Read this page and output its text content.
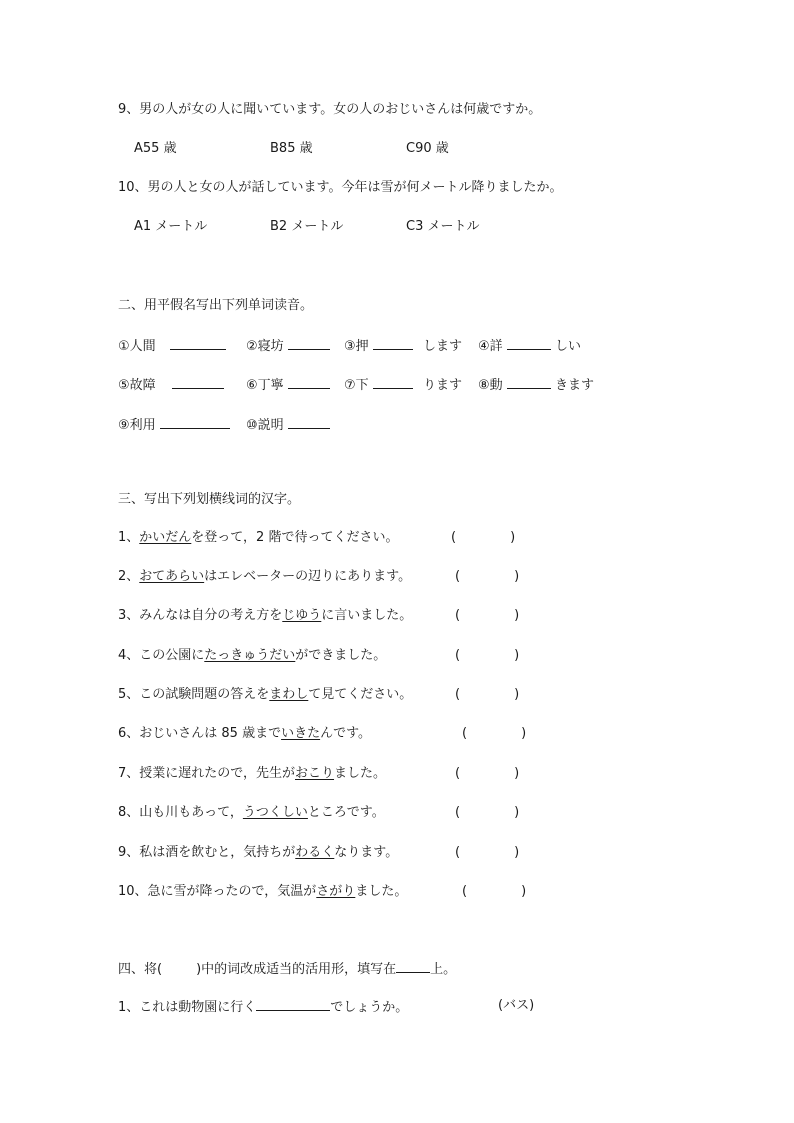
9、男の人が女の人に聞いています。女の人のおじいさんは何歳ですか。
A55 歳	B85 歳	C90 歳
10、男の人と女の人が話しています。今年は雪が何メートル降りましたか。
A1 メートル	B2 メートル	C3 メートル
二、用平假名写出下列单词读音。
①人間	②寝坊	③押	します ④詳	しい
⑤故障	⑥丁寧	⑦下	ります ⑧動	きます
⑨利用	⑩説明
三、写出下列划横线词的汉字。
1、かいだんを登って，2 階で待ってください。	(	)
2、おてあらいはエレベーターの辺りにあります。	(	)
3、みんなは自分の考え方をじゆうに言いました。	(	)
4、この公園にたっきゅうだいができました。	(	)
5、この試験問題の答えをまわして見てください。	(	)
6、おじいさんは 85 歳までいきたんです。	(	)
7、授業に遅れたので，先生がおこりました。	(	)
8、山も川もあって，うつくしいところです。	(	)
9、私は酒を飲むと，気持ちがわるくなります。	(	)
10、急に雪が降ったので，気温がさがりました。	(	)
四、将(	)中的词改成适当的活用形，填写在	上。
1、これは動物園に行く	でしょうか。	(バス)
